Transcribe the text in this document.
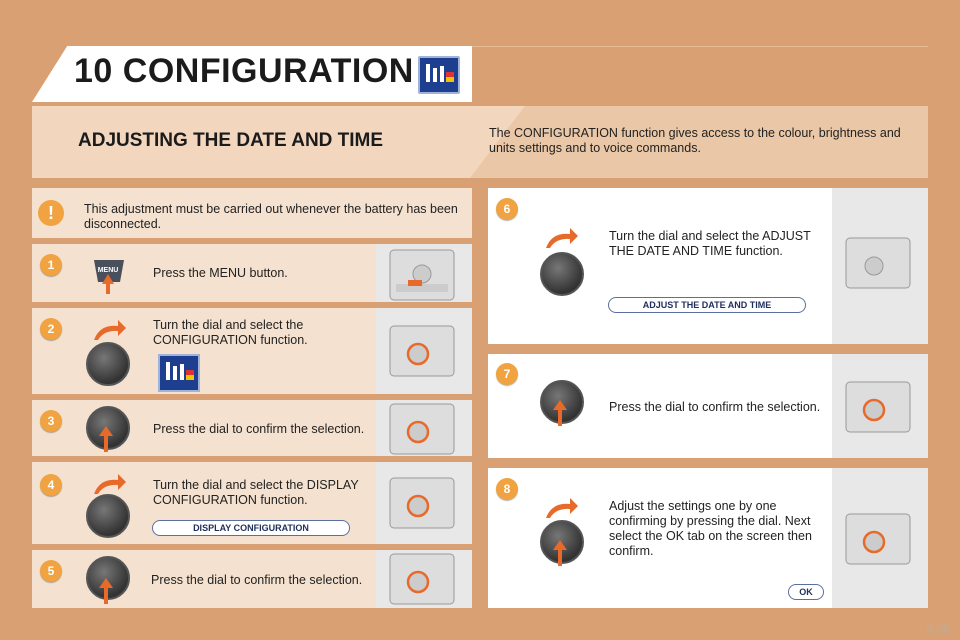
10 CONFIGURATION
ADJUSTING THE DATE AND TIME	The CONFIGURATION function gives access to the colour, brightness and units settings and to voice commands.
!	This adjustment must be carried out whenever the battery has been disconnected.
1	MENU	Press the MENU button.
2	Turn the dial and select the CONFIGURATION function.
3
Press the dial to confirm the selection.
4	Turn the dial and select the DISPLAY CONFIGURATION function.
DISPLAY CONFIGURATION
5
Press the dial to confirm the selection.
6
Turn the dial and select the ADJUST THE DATE AND TIME function.
ADJUST THE DATE AND TIME
7
Press the dial to confirm the selection.
8
Adjust the settings one by one confirming by pressing the dial. Next select the OK tab on the screen then confirm.
OK
9.35
